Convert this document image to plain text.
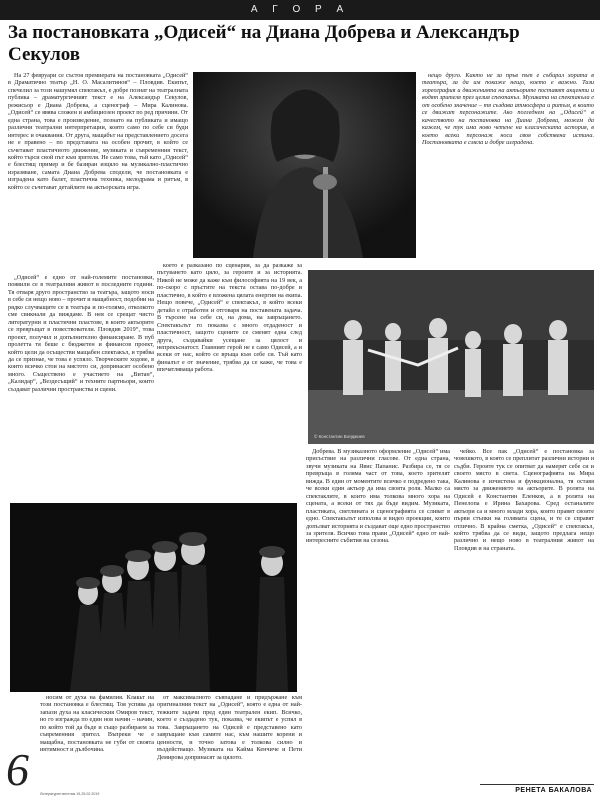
А Г О Р А
За постановката „Одисей“ на Диана Добрева и Александър Секулов
© Константин Бояджиев

На 27 февруари се състоя премиерата на постановката „Одисей“ в Драматично театър „Н. О. Масалитинов“ – Пловдив. Екипът, спечелил за този нашумял спектакъл, е добре познат на театралната публика – драматургичният текст е на Александър Секулов, режисьор е Диана Добрева, а сценограф – Мира Калинова. „Одисей“ се явява сложен и амбициозен проект по ред причини. От една страна, това е произведение, познато на публиката и имащо различни театрални интерпретации, които само по себе си буди интерес и очаквания. От друга, мащабът на представлението досега не е правено – по представата на особен прочит, в който се съчетават пластичното движение, музиката и съвременния текст, който търси свой път към зрителя. Не само това, тъй като „Одисей“ е блестящ пример и бе базиран изцяло на музикално-пластично изразяване, самата Диана Добрева сподели, че постановката е изградена като балет, пластична техника, мелодрама и ритъм, в който се съчетават детайлите на актьорската игра.

„Одисей“ е едно от най-големите постановки, появили се в театралния живот в последните години. Тя отваря друго пространство за театъра, защото носи в себе си нещо ново – прочит и мащабност, подобни на рядко случващите се в театъра и по-голямо, отколкото сме свикнали да виждаме. В нея се срещат чисто литературни и пластични пластове, в които актьорите се превръщат в повествователи. Пловдив 2019“, това проект, получил и допълнително финансиране. В пуб пролетта тя беше с бюджетен и финансов проект, който цели да осъществи мащабен спектакъл, и трябва да се признае, че това е успяло. Творческите ходове, в които всичко стои на мястото си, допринасят особено много. Съществено е участието на „Витан“, „Калидар“, „Вездесъщий“ и техните партньори, които създават различни пространства и сцени.

което е разказано по сценария, за да разкаже за пътуването като цяло, за героите и за историята. Никой не може да каже към философията на 19 век, а по-скоро с пръстите на текста остава по-добре и пластично, в който е вложена цялата енергия на екипа. Нещо повече, „Одисей“ е спектакъл, в който всеки детайл е отработен и отговаря на поставената задача. В търсене на себе си, на дома, на завръщането. Спектакълът го показва с много отдаденост и пластичност, защото сцените се сменят една след друга, създавайки усещане за цялост и непрекъснатост. Главният герой не е само Одисей, а и всеки от нас, който се връща към себе си. Тъй като финалът е от значение, трябва да се каже, че това е впечатляваща работа.

нещо друго. Както не за пръв път е събирал хората в театъра, за да им покаже нещо, което е важно. Тази хореография и движенията на актьорите поставят акценти и водят зрителя през целия спектакъл. Музиката на спектакъла е от особено значение – тя създава атмосфера и ритъм, в които се движат персонажите. Ако погледнем на „Одисей“ в качеството на постановка на Диана Добрева, можем да кажем, че тук има ново четене на класическата история, в което всеки персонаж носи своя собствена истина. Постановката е смела и добре изградена.

Добрева. В музикалното оформление „Одисей“ има присъствие на различни гласове. От една страна, звучи музиката на Явис Папанис. Разбира се, тя се превръща в голяма част от това, което зрителят вижда. В един от моментите всичко е подредено така, че всеки един актьор да има своята роля. Малко са спектаклите, в които има толкова много хора на сцената, а всеки от тях да бъде видим. Музиката, пластиката, светлината и сценографията се сливат в едно. Спектакълът използва и видео проекции, които допълват историята и създават още едно пространство за зрителя. Всичко това прави „Одисей“ едно от най-интересните събития на сезона.

чейко. Все пак „Одисей“ е постановка за човешкото, в която се преплитат различни истории и съдби. Героите тук се опитват да намерят себе си и своето място в света. Сценографията на Мира Калинова е изчистена и функционална, тя оставя място за движението на актьорите. В ролята на Одисей е Константин Еленков, а в ролята на Пенелопа е Ирина Бахарова. Сред останалите актьори са и много млади хора, които правят своите първи стъпки на голямата сцена, и те се справят отлично. В крайна сметка, „Одисей“ е спектакъл, който трябва да се види, защото предлага нещо различно и нещо ново в театралния живот на Пловдив и на страната.

носим от духа на фамилия. Клакьт на този постановка е блестящ. Тоя успява да запази духа на класическия Омиров текст, но го изгражда по един нов начин – начин, по който той да бъде и също разбираем за съвременния зрител. Въпреки че е мащабна, постановката не губи от своята интимност и дълбочина.

от максималното съвпадане и придържане към оригиналния текст на „Одисей“, която е една от най-тежките задачи пред един театрален екип. Всичко, което е създадено тук, показва, че екипът е успял в това. Завръщането на Одисей е представено като завръщане към самите нас, към нашите корени и ценности, и точно затова е толкова силно и въздействащо. Музиката на Кайма Кенчиче и Пети Демирова допринасят за цялото.

6	Литературен вестник 19-25.02.2019	РЕНЕТА БАКАЛОВА
